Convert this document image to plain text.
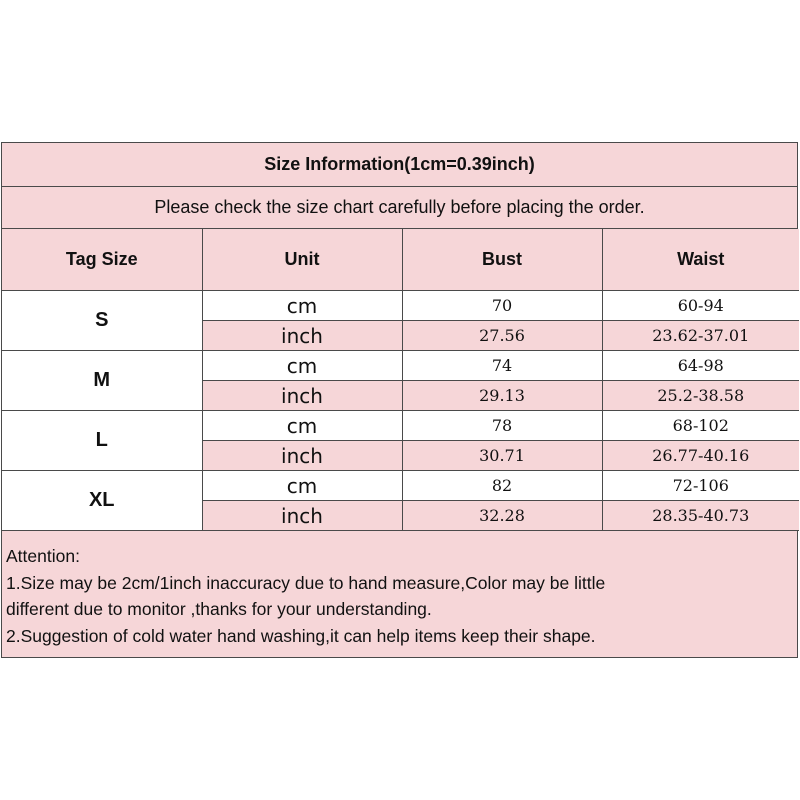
Size Information(1cm=0.39inch)
Please check the size chart carefully before placing the order.
Tag Size	Unit	Bust	Waist
S	cm	70	60-94
	inch	27.56	23.62-37.01
M	cm	74	64-98
	inch	29.13	25.2-38.58
L	cm	78	68-102
	inch	30.71	26.77-40.16
XL	cm	82	72-106
	inch	32.28	28.35-40.73
Attention:
1.Size may be 2cm/1inch inaccuracy due to hand measure,Color may be little
different due to monitor ,thanks for your understanding.
2.Suggestion of cold water hand washing,it can help items keep their shape.
